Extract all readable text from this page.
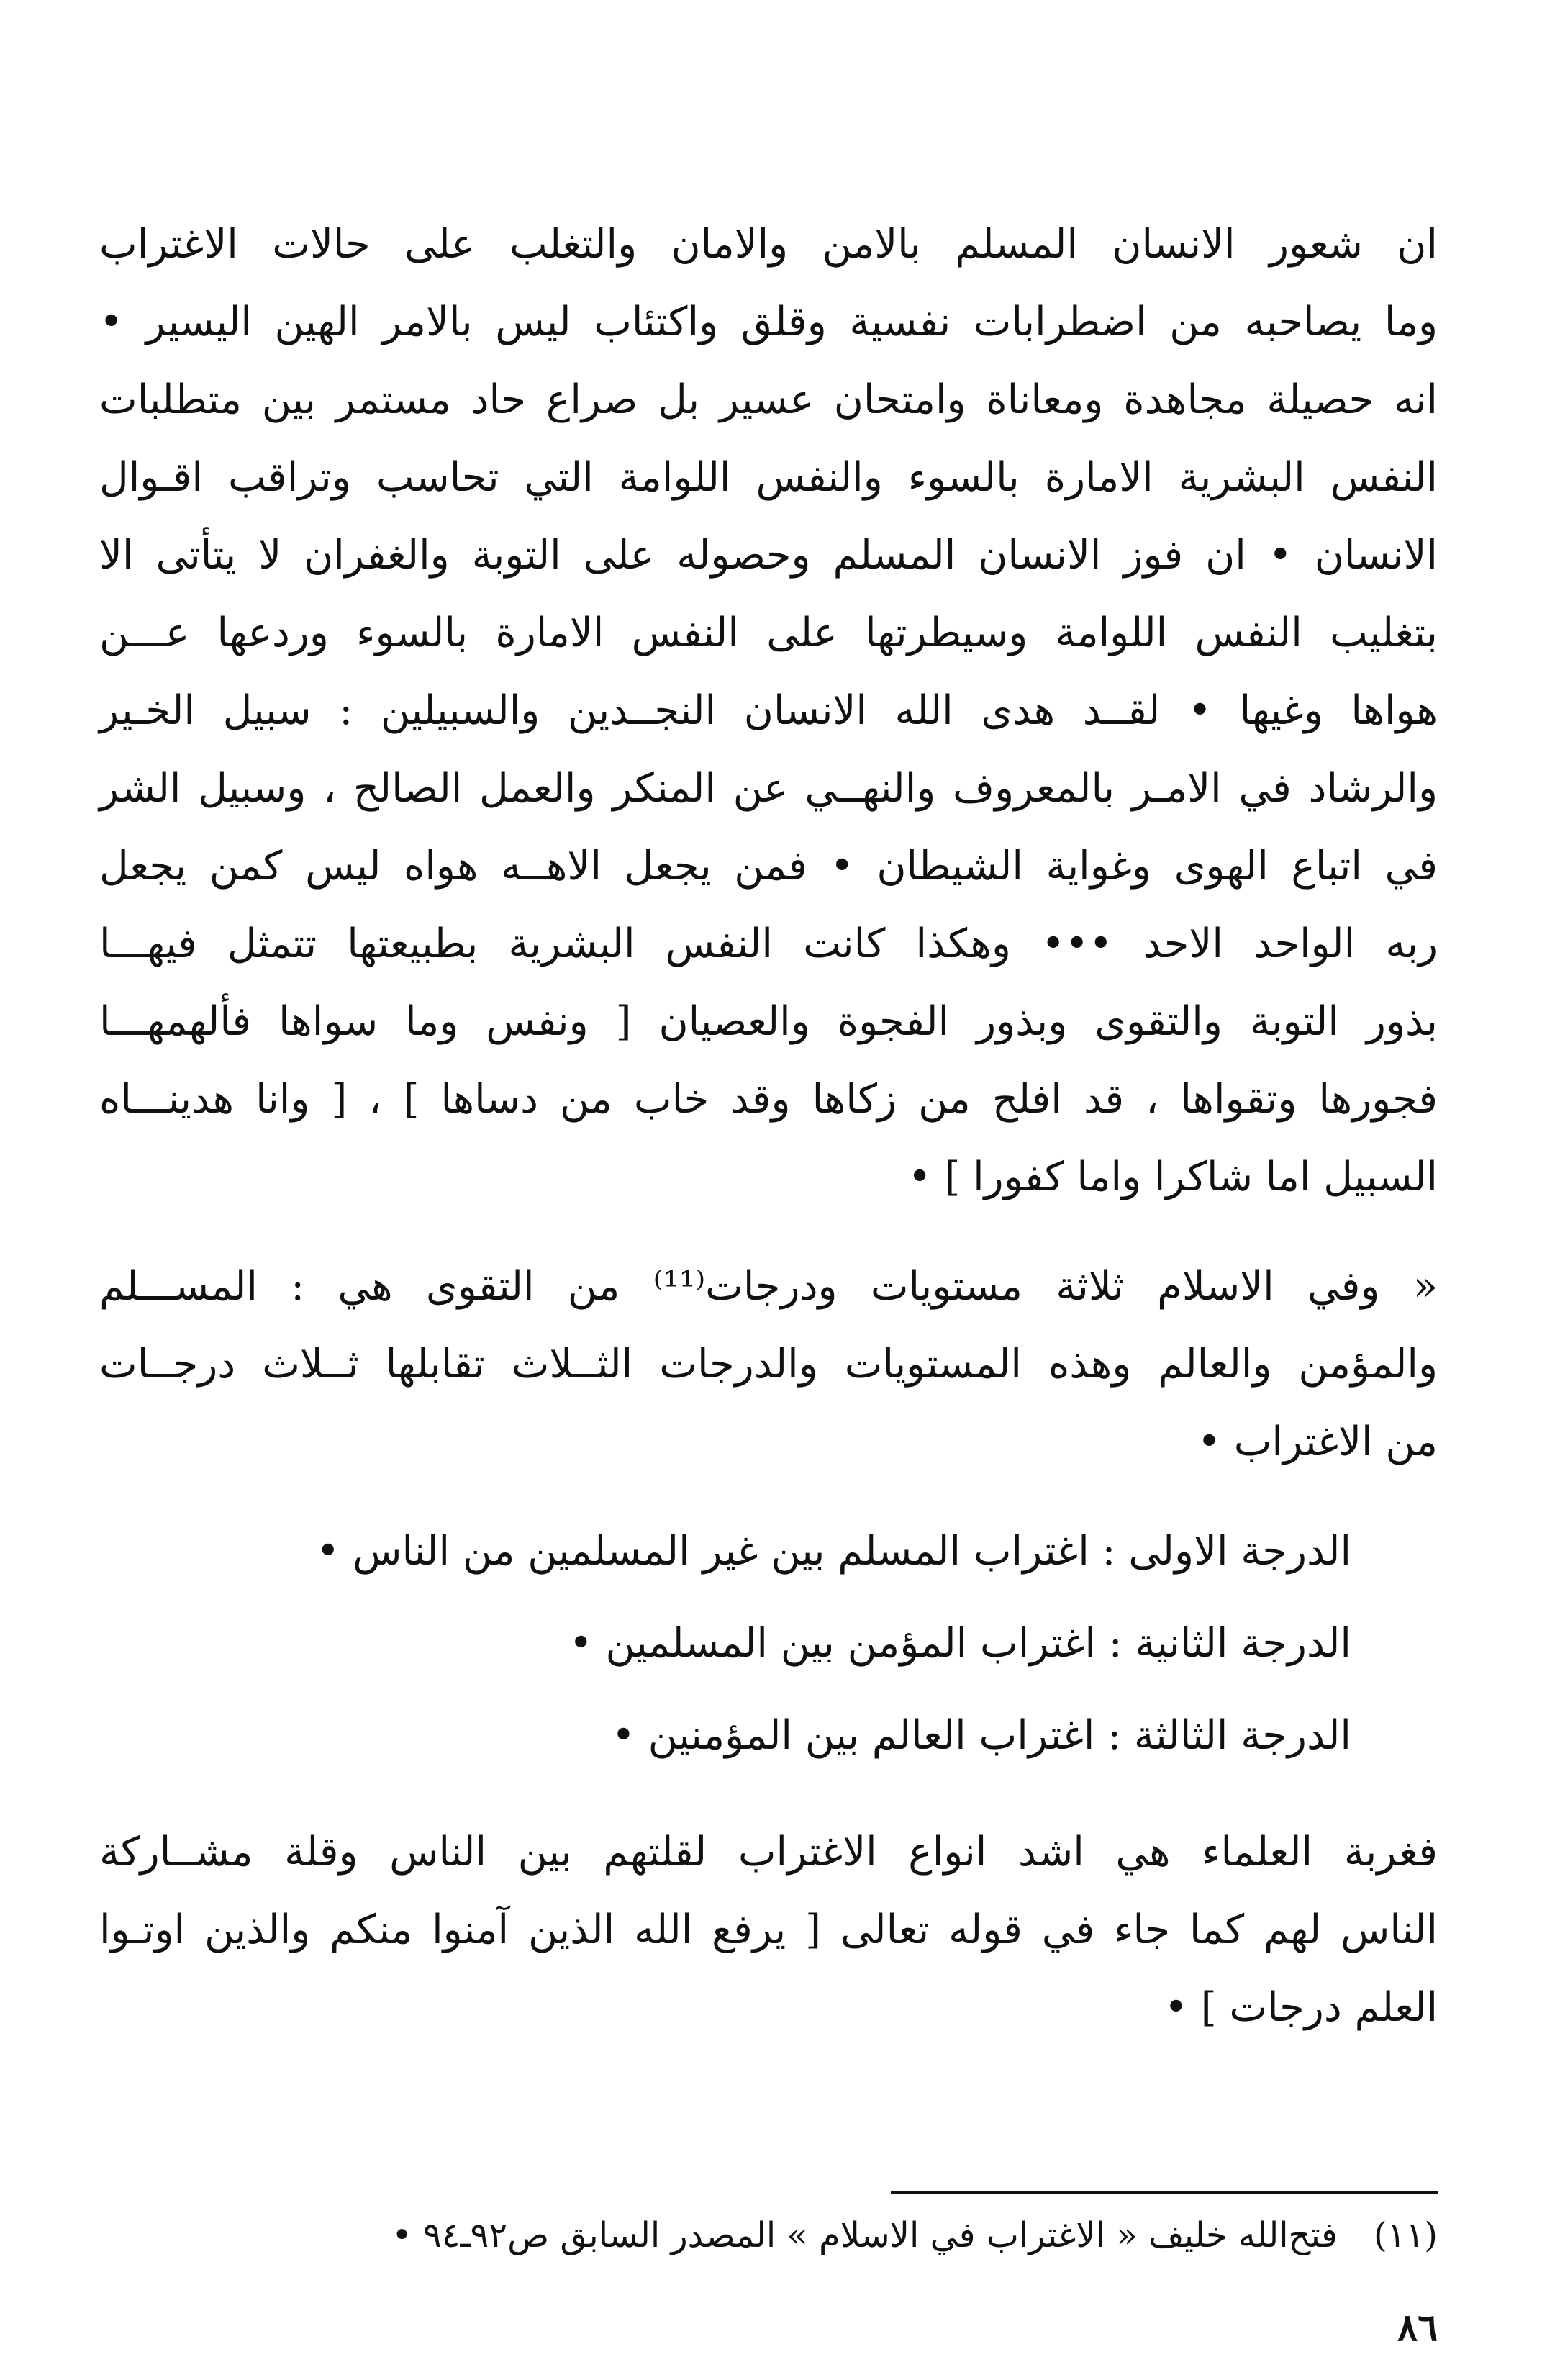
ان شعور الانسان المسلم بالامن والامان والتغلب على حالات الاغتراب
وما يصاحبه من اضطرابات نفسية وقلق واكتئاب ليس بالامر الهين اليسير •
انه حصيلة مجاهدة ومعاناة وامتحان عسير بل صراع حاد مستمر بين متطلبات
النفس البشرية الامارة بالسوء والنفس اللوامة التي تحاسب وتراقب اقـوال
الانسان • ان فوز الانسان المسلم وحصوله على التوبة والغفران لا يتأتى الا
بتغليب النفس اللوامة وسيطرتها على النفس الامارة بالسوء وردعها عـــن
هواها وغيها • لقــد هدى الله الانسان النجــدين والسبيلين : سبيل الخـير
والرشاد في الامـر بالمعروف والنهــي عن المنكر والعمل الصالح ، وسبيل الشر
في اتباع الهوى وغواية الشيطان • فمن يجعل الاهــه هواه ليس كمن يجعل
ربه الواحد الاحد ••• وهكذا كانت النفس البشرية بطبيعتها تتمثل فيهـــا
بذور التوبة والتقوى وبذور الفجوة والعصيان [ ونفس وما سواها فألهمهـــا
فجورها وتقواها ، قد افلح من زكاها وقد خاب من دساها ] ، [ وانا هدينـــاه
السبيل اما شاكرا واما كفورا ] •
« وفي الاسلام ثلاثة مستويات ودرجات⁽¹¹⁾ من التقوى هي : المســـلم
والمؤمن والعالم وهذه المستويات والدرجات الثــلاث تقابلها ثــلاث درجــات
من الاغتراب •
الدرجة الاولى : اغتراب المسلم بين غير المسلمين من الناس •
الدرجة الثانية : اغتراب المؤمن بين المسلمين •
الدرجة الثالثة : اغتراب العالم بين المؤمنين •
فغربة العلماء هي اشد انواع الاغتراب لقلتهم بين الناس وقلة مشــاركة
الناس لهم كما جاء في قوله تعالى [ يرفع الله الذين آمنوا منكم والذين اوتـوا
العلم درجات ] •
(١١)فتح‌الله خليف « الاغتراب في الاسلام » المصدر السابق ص٩٢ـ٩٤ •
٨٦
